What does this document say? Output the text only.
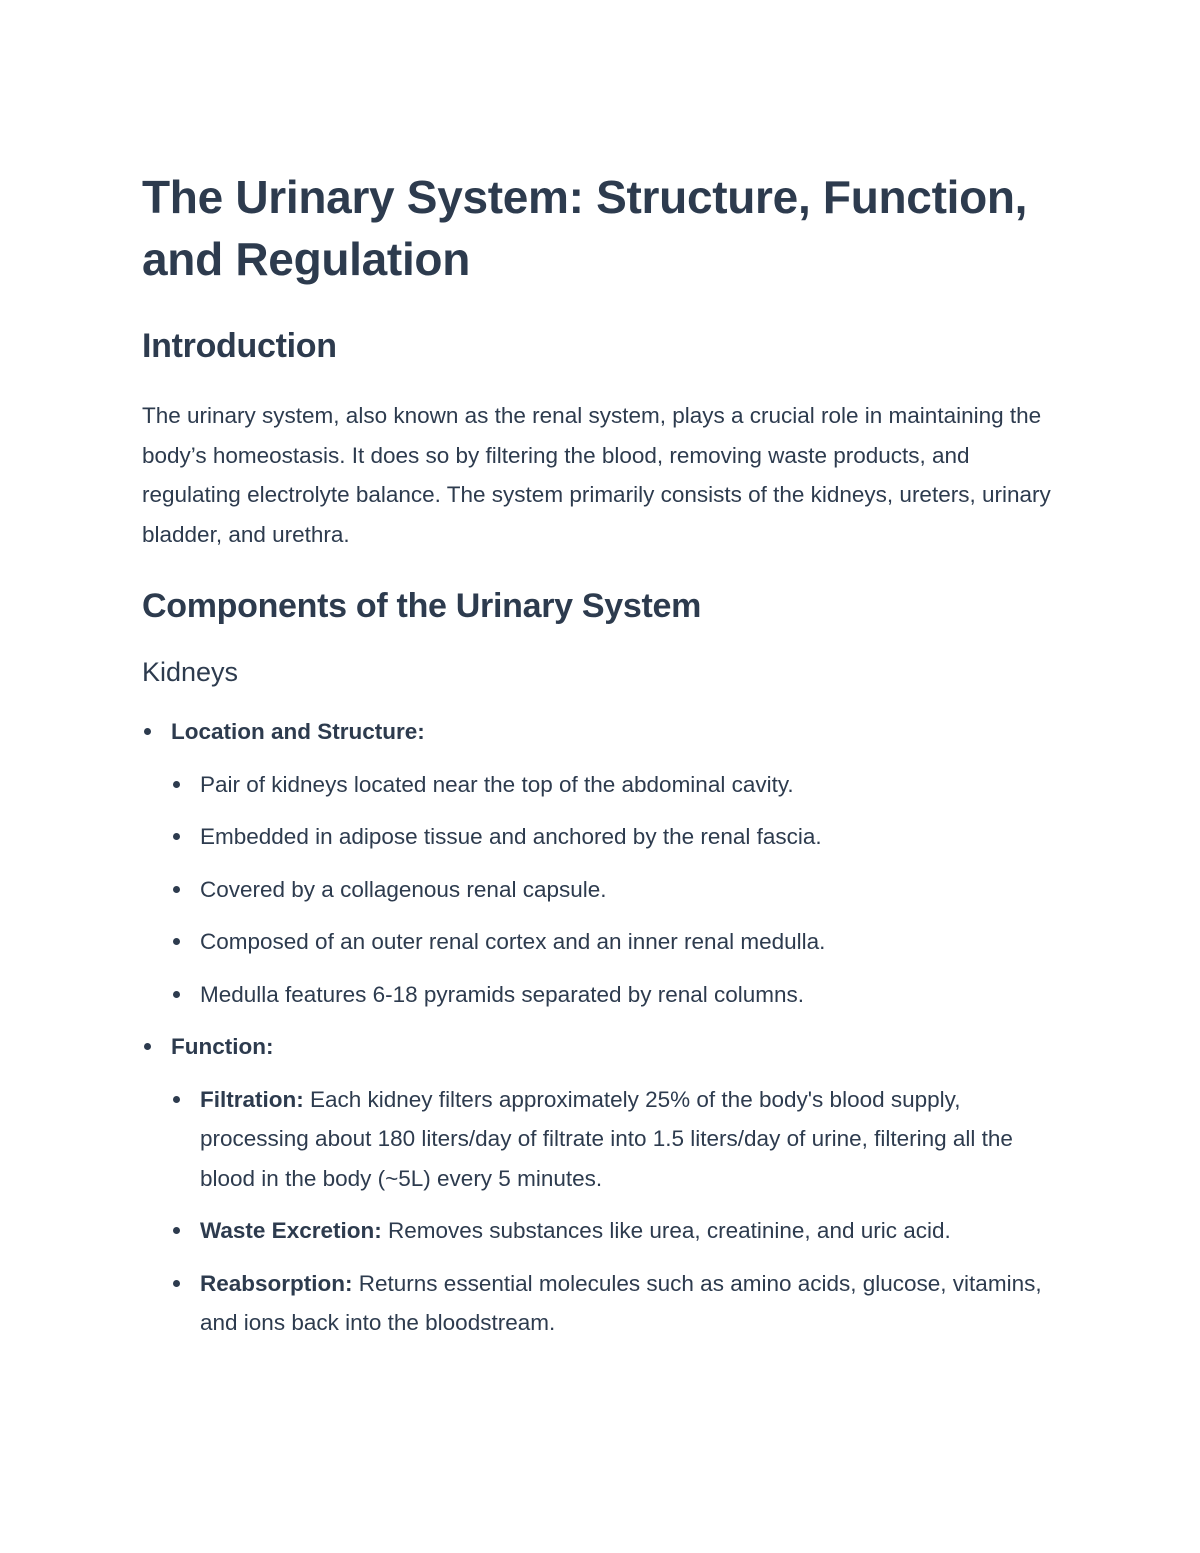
The Urinary System: Structure, Function, and Regulation
Introduction

The urinary system, also known as the renal system, plays a crucial role in maintaining the body’s homeostasis. It does so by filtering the blood, removing waste products, and regulating electrolyte balance. The system primarily consists of the kidneys, ureters, urinary bladder, and urethra.

Components of the Urinary System
Kidneys
Location and Structure:
Pair of kidneys located near the top of the abdominal cavity.
Embedded in adipose tissue and anchored by the renal fascia.
Covered by a collagenous renal capsule.
Composed of an outer renal cortex and an inner renal medulla.
Medulla features 6-18 pyramids separated by renal columns.
Function:
Filtration: Each kidney filters approximately 25% of the body's blood supply, processing about 180 liters/day of filtrate into 1.5 liters/day of urine, filtering all the blood in the body (~5L) every 5 minutes.
Waste Excretion: Removes substances like urea, creatinine, and uric acid.
Reabsorption: Returns essential molecules such as amino acids, glucose, vitamins, and ions back into the bloodstream.
